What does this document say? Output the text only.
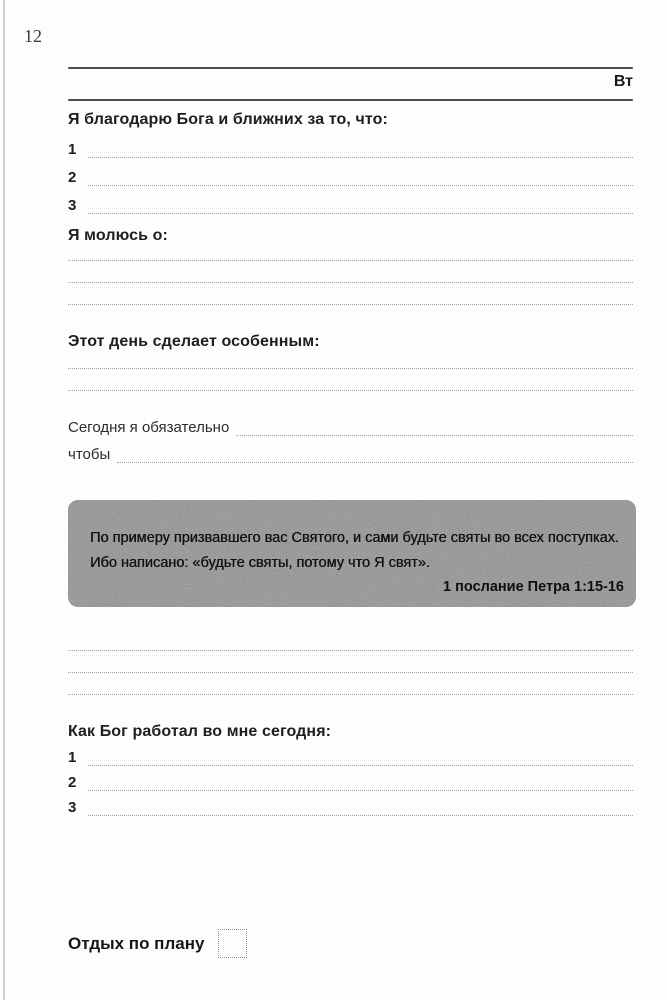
12
Вт
Я благодарю Бога и ближних за то, что:
1
2
3
Я молюсь о:
Этот день сделает особенным:
Сегодня я обязательно
чтобы
По примеру призвавшего вас Святого, и сами будьте святы во всех поступках.
Ибо написано: «будьте святы, потому что Я свят».
1 послание Петра 1:15-16
Как Бог работал во мне сегодня:
1
2
3
Отдых по плану
